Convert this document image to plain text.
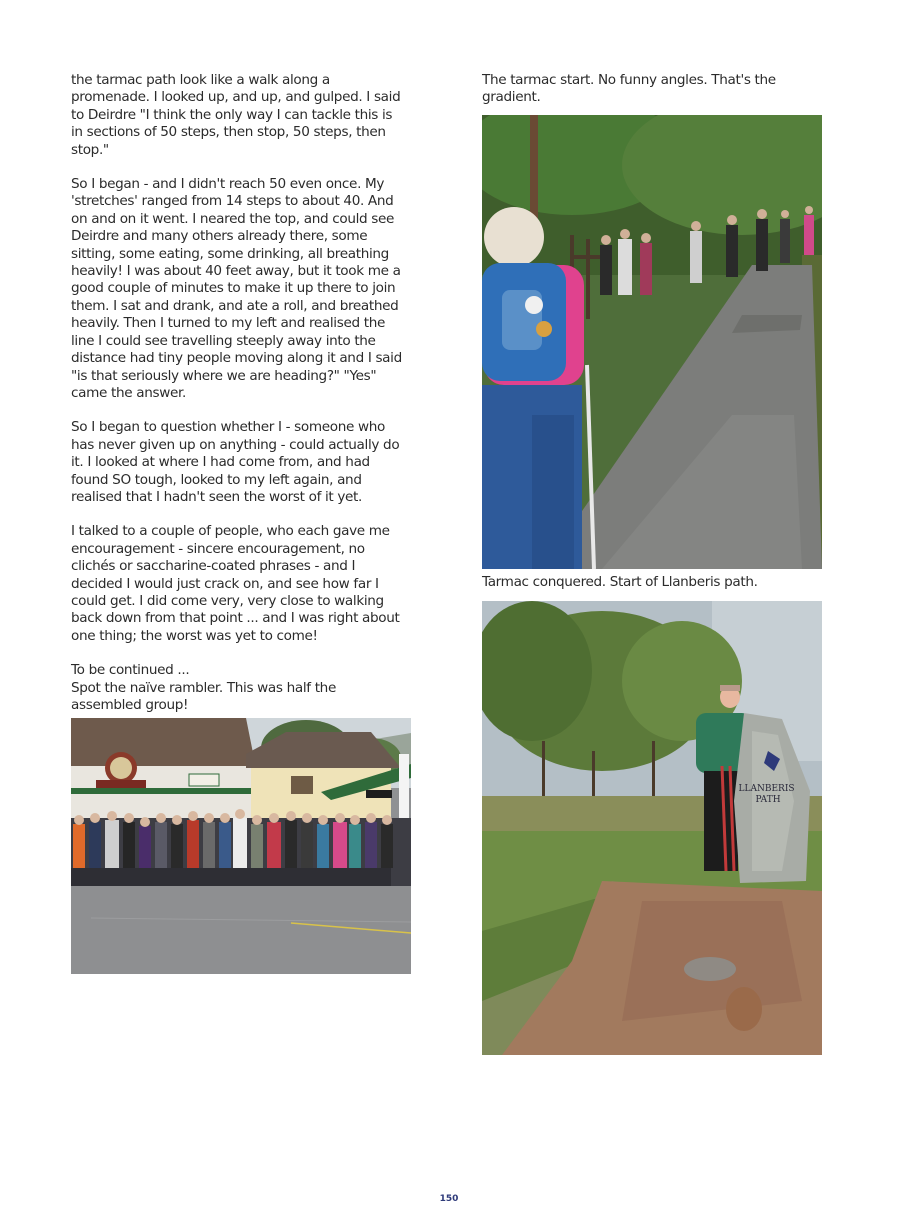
the tarmac path look like a walk along a
promenade. I looked up, and up, and gulped. I said
to Deirdre "I think the only way I can tackle this is
in sections of 50 steps, then stop, 50 steps, then
stop."

So I began - and I didn't reach 50 even once. My
'stretches' ranged from 14 steps to about 40. And
on and on it went. I neared the top, and could see
Deirdre and many others already there, some
sitting, some eating, some drinking, all breathing
heavily! I was about 40 feet away, but it took me a
good couple of minutes to make it up there to join
them. I sat and drank, and ate a roll, and breathed
heavily. Then I turned to my left and realised the
line I could see travelling steeply away into the
distance had tiny people moving along it and I said
"is that seriously where we are heading?" "Yes"
came the answer.

So I began to question whether I - someone who
has never given up on anything - could actually do
it. I looked at where I had come from, and had
found SO tough, looked to my left again, and
realised that I hadn't seen the worst of it yet.

I talked to a couple of people, who each gave me
encouragement - sincere encouragement, no
clichés or saccharine-coated phrases - and I
decided I would just crack on, and see how far I
could get. I did come very, very close to walking
back down from that point ... and I was right about
one thing; the worst was yet to come!

To be continued ...

Spot the naïve rambler. This was half the
assembled group!

The tarmac start. No funny angles. That's the
gradient.

Tarmac conquered. Start of Llanberis path.

LLANBERIS PATH
150
